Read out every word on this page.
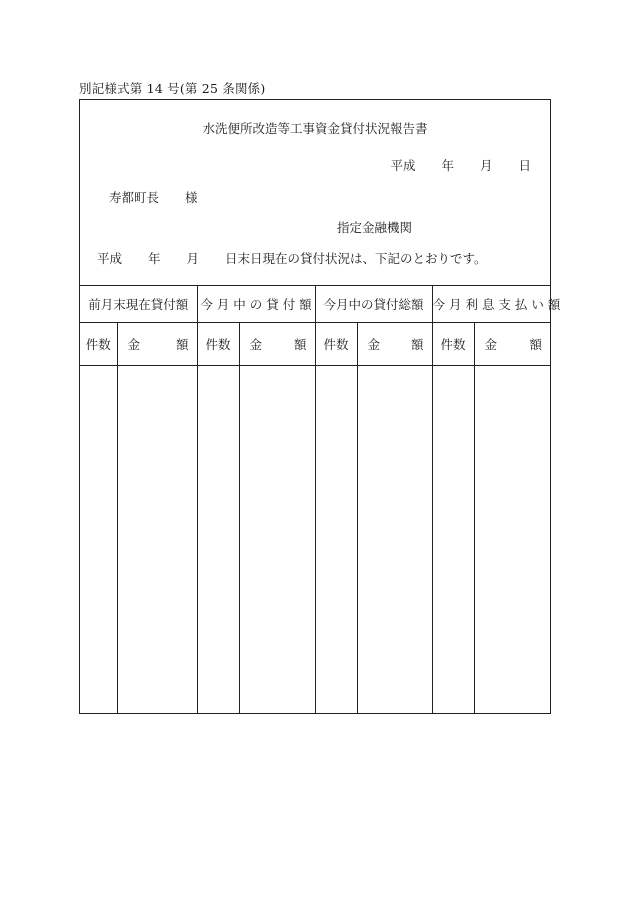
別記様式第 14 号(第 25 条関係)
水洗便所改造等工事資金貸付状況報告書
平成 年 月 日
寿都町長 様
指定金融機関
平成 年 月 日末日現在の貸付状況は、下記のとおりです。
前月末現在貸付額		今 月 中 の 貸 付 額		今月中の貸付総額		今 月 利 息 支 払 い 額	
件数	金 額	件数	金 額	件数	金 額	件数	金 額
